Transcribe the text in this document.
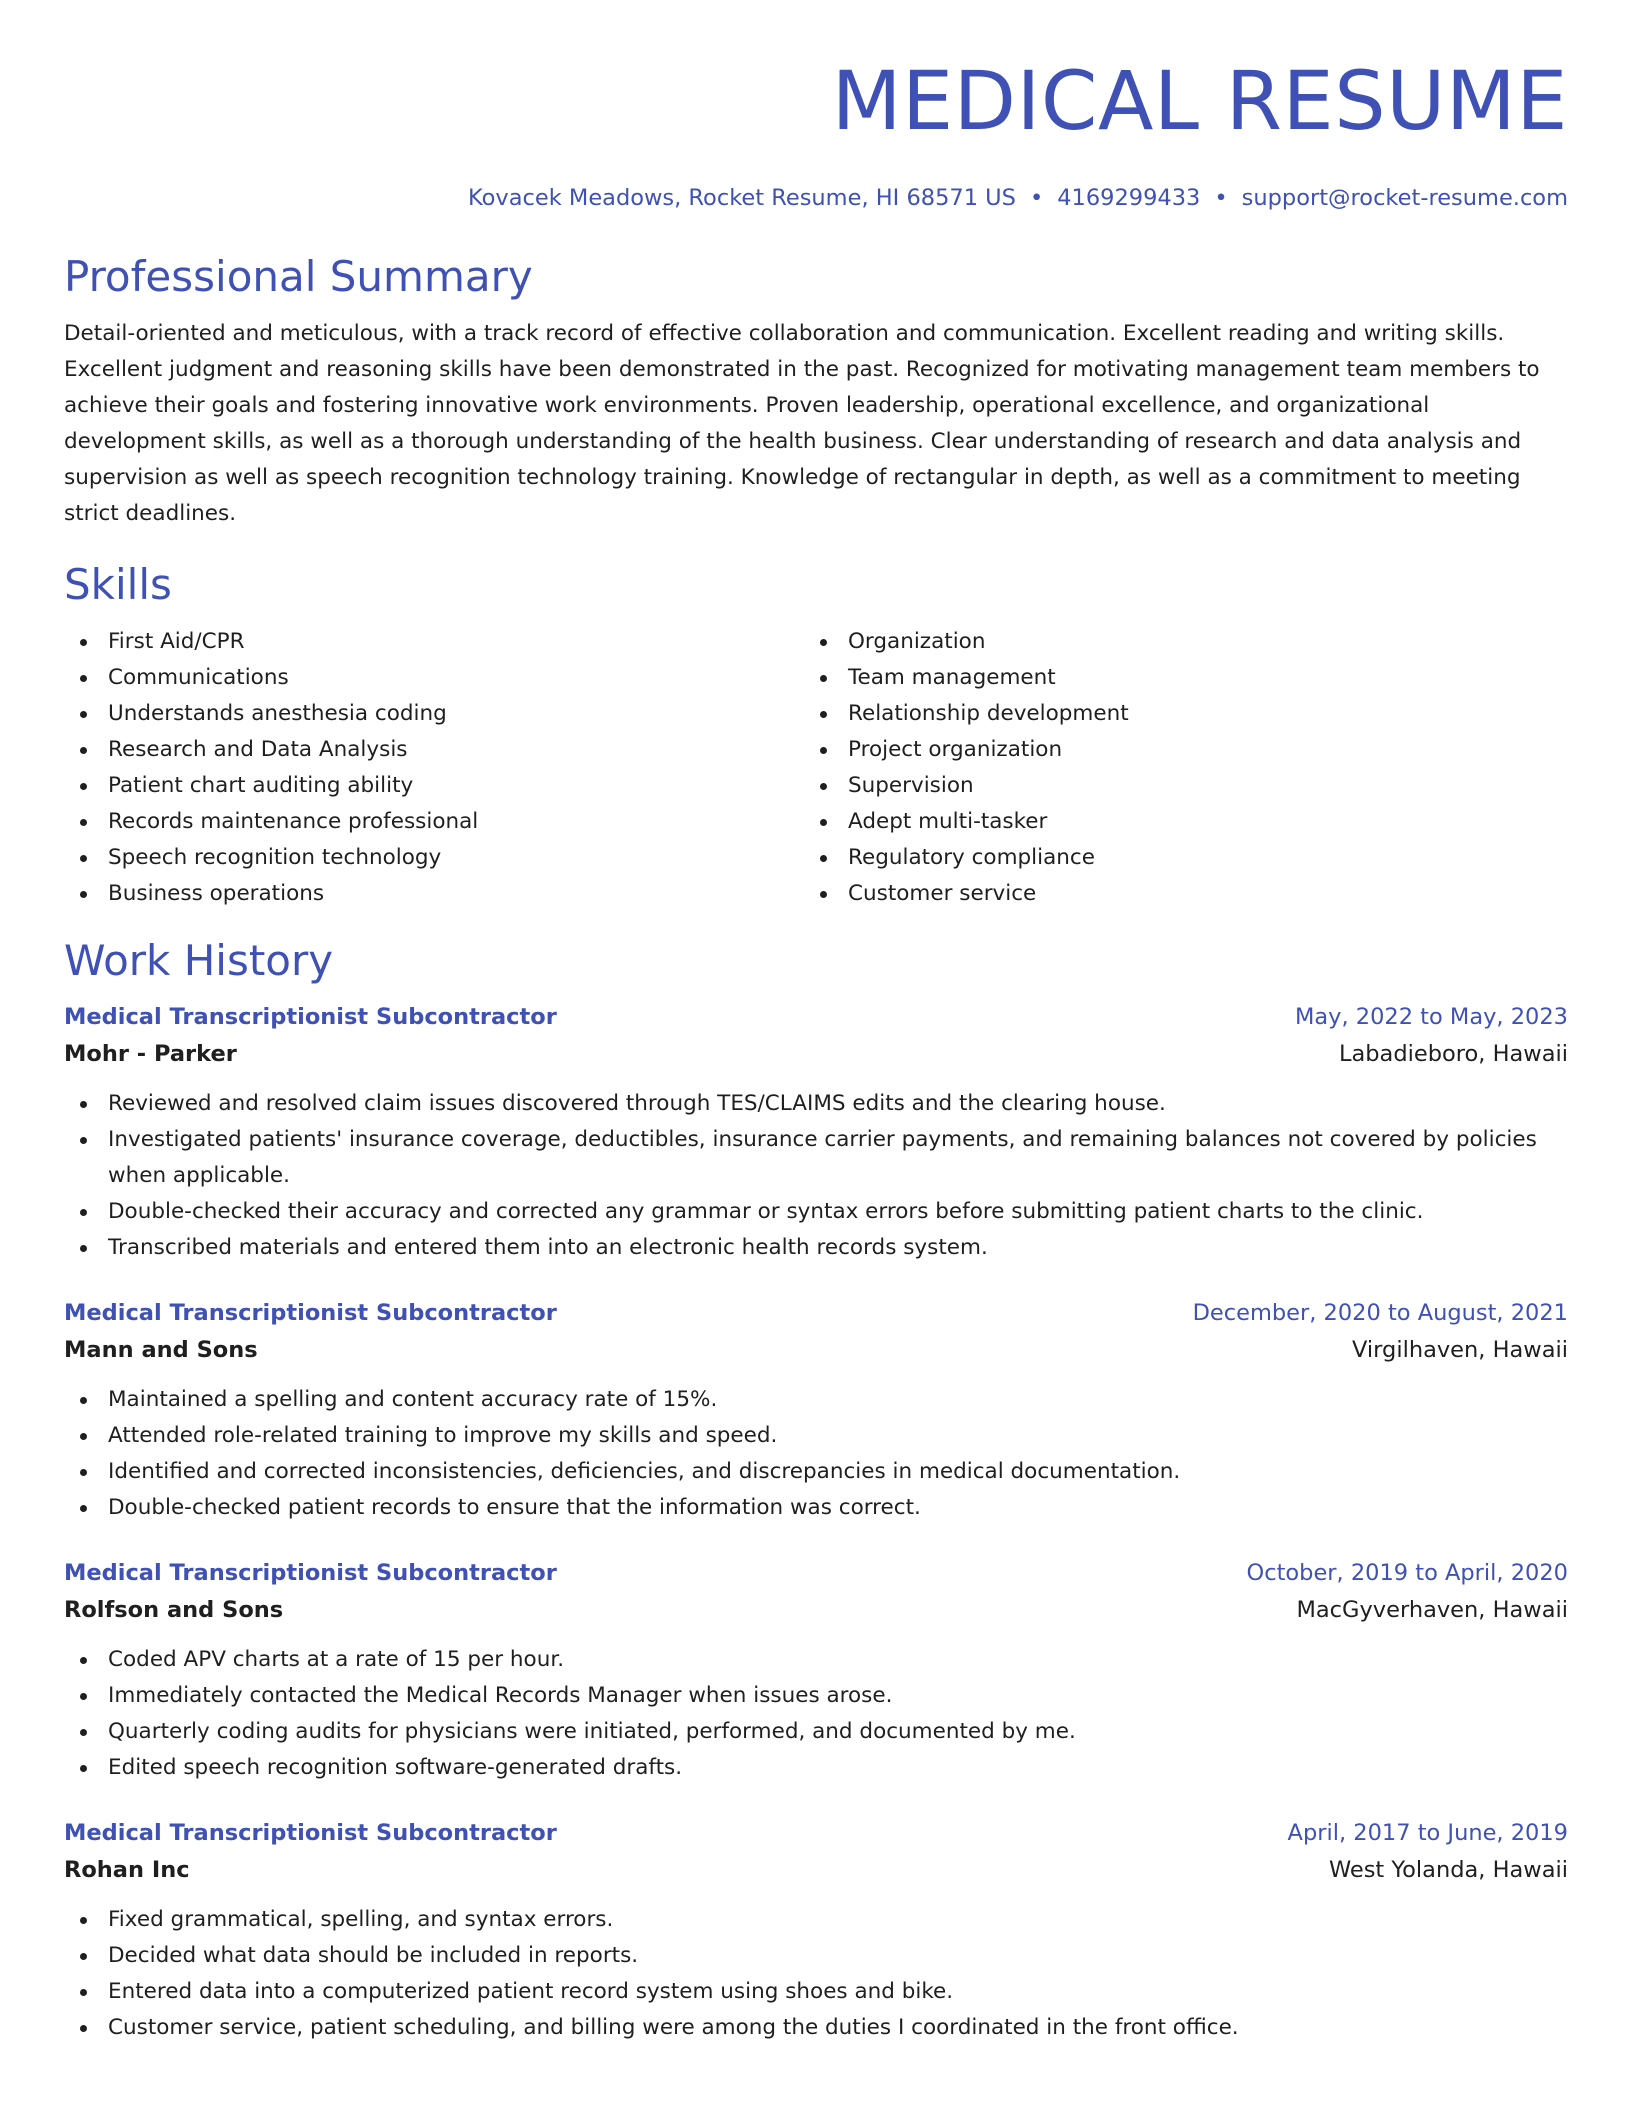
MEDICAL RESUME
Kovacek Meadows, Rocket Resume, HI 68571 US • 4169299433 • support@rocket-resume.com
Professional Summary

Detail-oriented and meticulous, with a track record of effective collaboration and communication. Excellent reading and writing skills. Excellent judgment and reasoning skills have been demonstrated in the past. Recognized for motivating management team members to achieve their goals and fostering innovative work environments. Proven leadership, operational excellence, and organizational development skills, as well as a thorough understanding of the health business. Clear understanding of research and data analysis and supervision as well as speech recognition technology training. Knowledge of rectangular in depth, as well as a commitment to meeting strict deadlines.

Skills
First Aid/CPR
Communications
Understands anesthesia coding
Research and Data Analysis
Patient chart auditing ability
Records maintenance professional
Speech recognition technology
Business operations
Organization
Team management
Relationship development
Project organization
Supervision
Adept multi-tasker
Regulatory compliance
Customer service
Work History
Medical Transcriptionist Subcontractor	May, 2022 to May, 2023
Mohr - Parker	Labadieboro, Hawaii
Reviewed and resolved claim issues discovered through TES/CLAIMS edits and the clearing house.
Investigated patients' insurance coverage, deductibles, insurance carrier payments, and remaining balances not covered by policies when applicable.
Double-checked their accuracy and corrected any grammar or syntax errors before submitting patient charts to the clinic.
Transcribed materials and entered them into an electronic health records system.
Medical Transcriptionist Subcontractor	December, 2020 to August, 2021
Mann and Sons	Virgilhaven, Hawaii
Maintained a spelling and content accuracy rate of 15%.
Attended role-related training to improve my skills and speed.
Identified and corrected inconsistencies, deficiencies, and discrepancies in medical documentation.
Double-checked patient records to ensure that the information was correct.
Medical Transcriptionist Subcontractor	October, 2019 to April, 2020
Rolfson and Sons	MacGyverhaven, Hawaii
Coded APV charts at a rate of 15 per hour.
Immediately contacted the Medical Records Manager when issues arose.
Quarterly coding audits for physicians were initiated, performed, and documented by me.
Edited speech recognition software-generated drafts.
Medical Transcriptionist Subcontractor	April, 2017 to June, 2019
Rohan Inc	West Yolanda, Hawaii
Fixed grammatical, spelling, and syntax errors.
Decided what data should be included in reports.
Entered data into a computerized patient record system using shoes and bike.
Customer service, patient scheduling, and billing were among the duties I coordinated in the front office.
